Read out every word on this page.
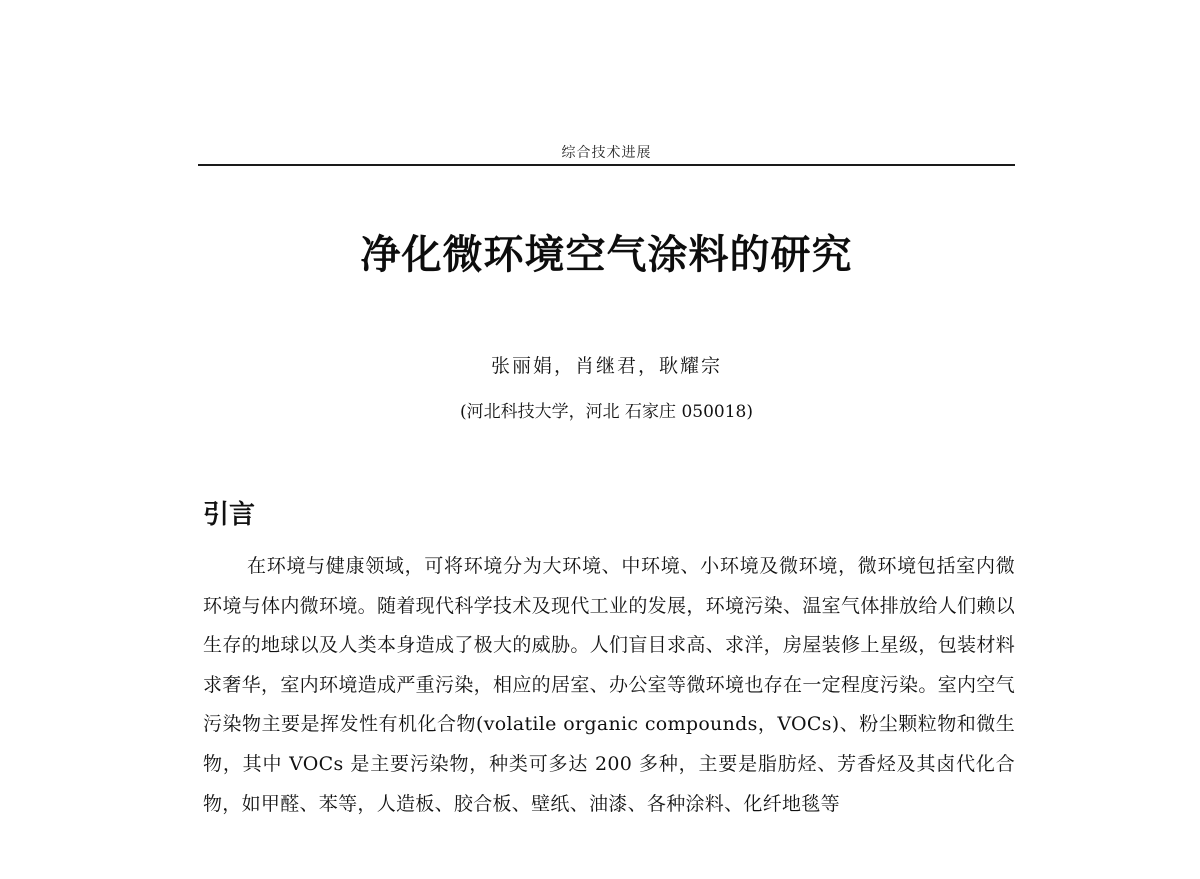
综合技术进展
净化微环境空气涂料的研究
张丽娟，肖继君，耿耀宗
(河北科技大学，河北 石家庄 050018)
引言

在环境与健康领域，可将环境分为大环境、中环境、小环境及微环境，微环境包括室内微环境与体内微环境。随着现代科学技术及现代工业的发展，环境污染、温室气体排放给人们赖以生存的地球以及人类本身造成了极大的威胁。人们盲目求高、求洋，房屋装修上星级，包装材料求奢华，室内环境造成严重污染，相应的居室、办公室等微环境也存在一定程度污染。室内空气污染物主要是挥发性有机化合物(volatile organic compounds，VOCs)、粉尘颗粒物和微生物，其中 VOCs 是主要污染物，种类可多达 200 多种，主要是脂肪烃、芳香烃及其卤代化合物，如甲醛、苯等，人造板、胶合板、壁纸、油漆、各种涂料、化纤地毯等
